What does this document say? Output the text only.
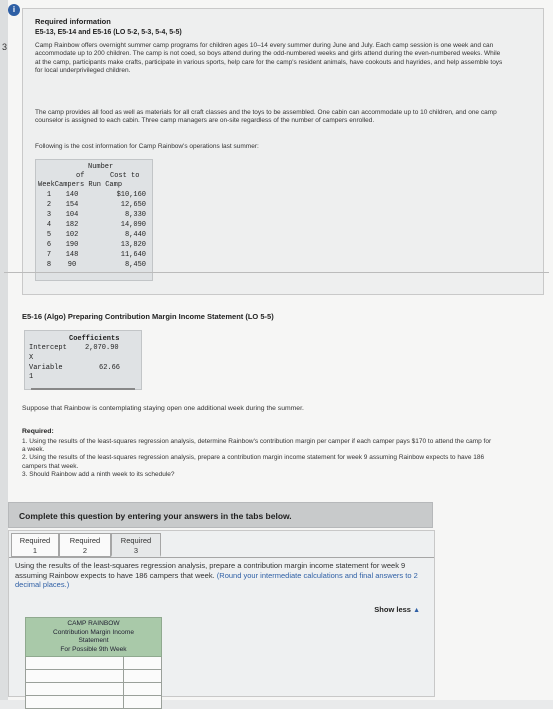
3
i
Required information
E5-13, E5-14 and E5-16 (LO 5-2, 5-3, 5-4, 5-5)

Camp Rainbow offers overnight summer camp programs for children ages 10–14 every summer during June and July. Each camp session is one week and can accommodate up to 200 children. The camp is not coed, so boys attend during the odd-numbered weeks and girls attend during the even-numbered weeks. While at the camp, participants make crafts, participate in various sports, help care for the camp's resident animals, have cookouts and hayrides, and help assemble toys for local underprivileged children.

The camp provides all food as well as materials for all craft classes and the toys to be assembled. One cabin can accommodate up to 10 children, and one camp counselor is assigned to each cabin. Three camp managers are on-site regardless of the number of campers enrolled.

Following is the cost information for Camp Rainbow's operations last summer:

Number
of	Cost to
WeekCampers Run Camp
1	140	$10,160
2	154	12,650
3	104	8,330
4	182	14,090
5	102	8,440
6	190	13,820
7	148	11,640
8	90	8,450
E5-16 (Algo) Preparing Contribution Margin Income Statement (LO 5-5)
Coefficients
Intercept	2,070.90
X
Variable	62.66
1
Suppose that Rainbow is contemplating staying open one additional week during the summer.
Required:
1. Using the results of the least-squares regression analysis, determine Rainbow's contribution margin per camper if each camper pays $170 to attend the camp for a week.
2. Using the results of the least-squares regression analysis, prepare a contribution margin income statement for week 9 assuming Rainbow expects to have 186 campers that week.
3. Should Rainbow add a ninth week to its schedule?
Complete this question by entering your answers in the tabs below.
Required
1
Required
2
Required
3

Using the results of the least-squares regression analysis, prepare a contribution margin income statement for week 9 assuming Rainbow expects to have 186 campers that week. (Round your intermediate calculations and final answers to 2 decimal places.)

Show less ▲
CAMP RAINBOW
Contribution Margin Income
Statement
For Possible 9th Week
